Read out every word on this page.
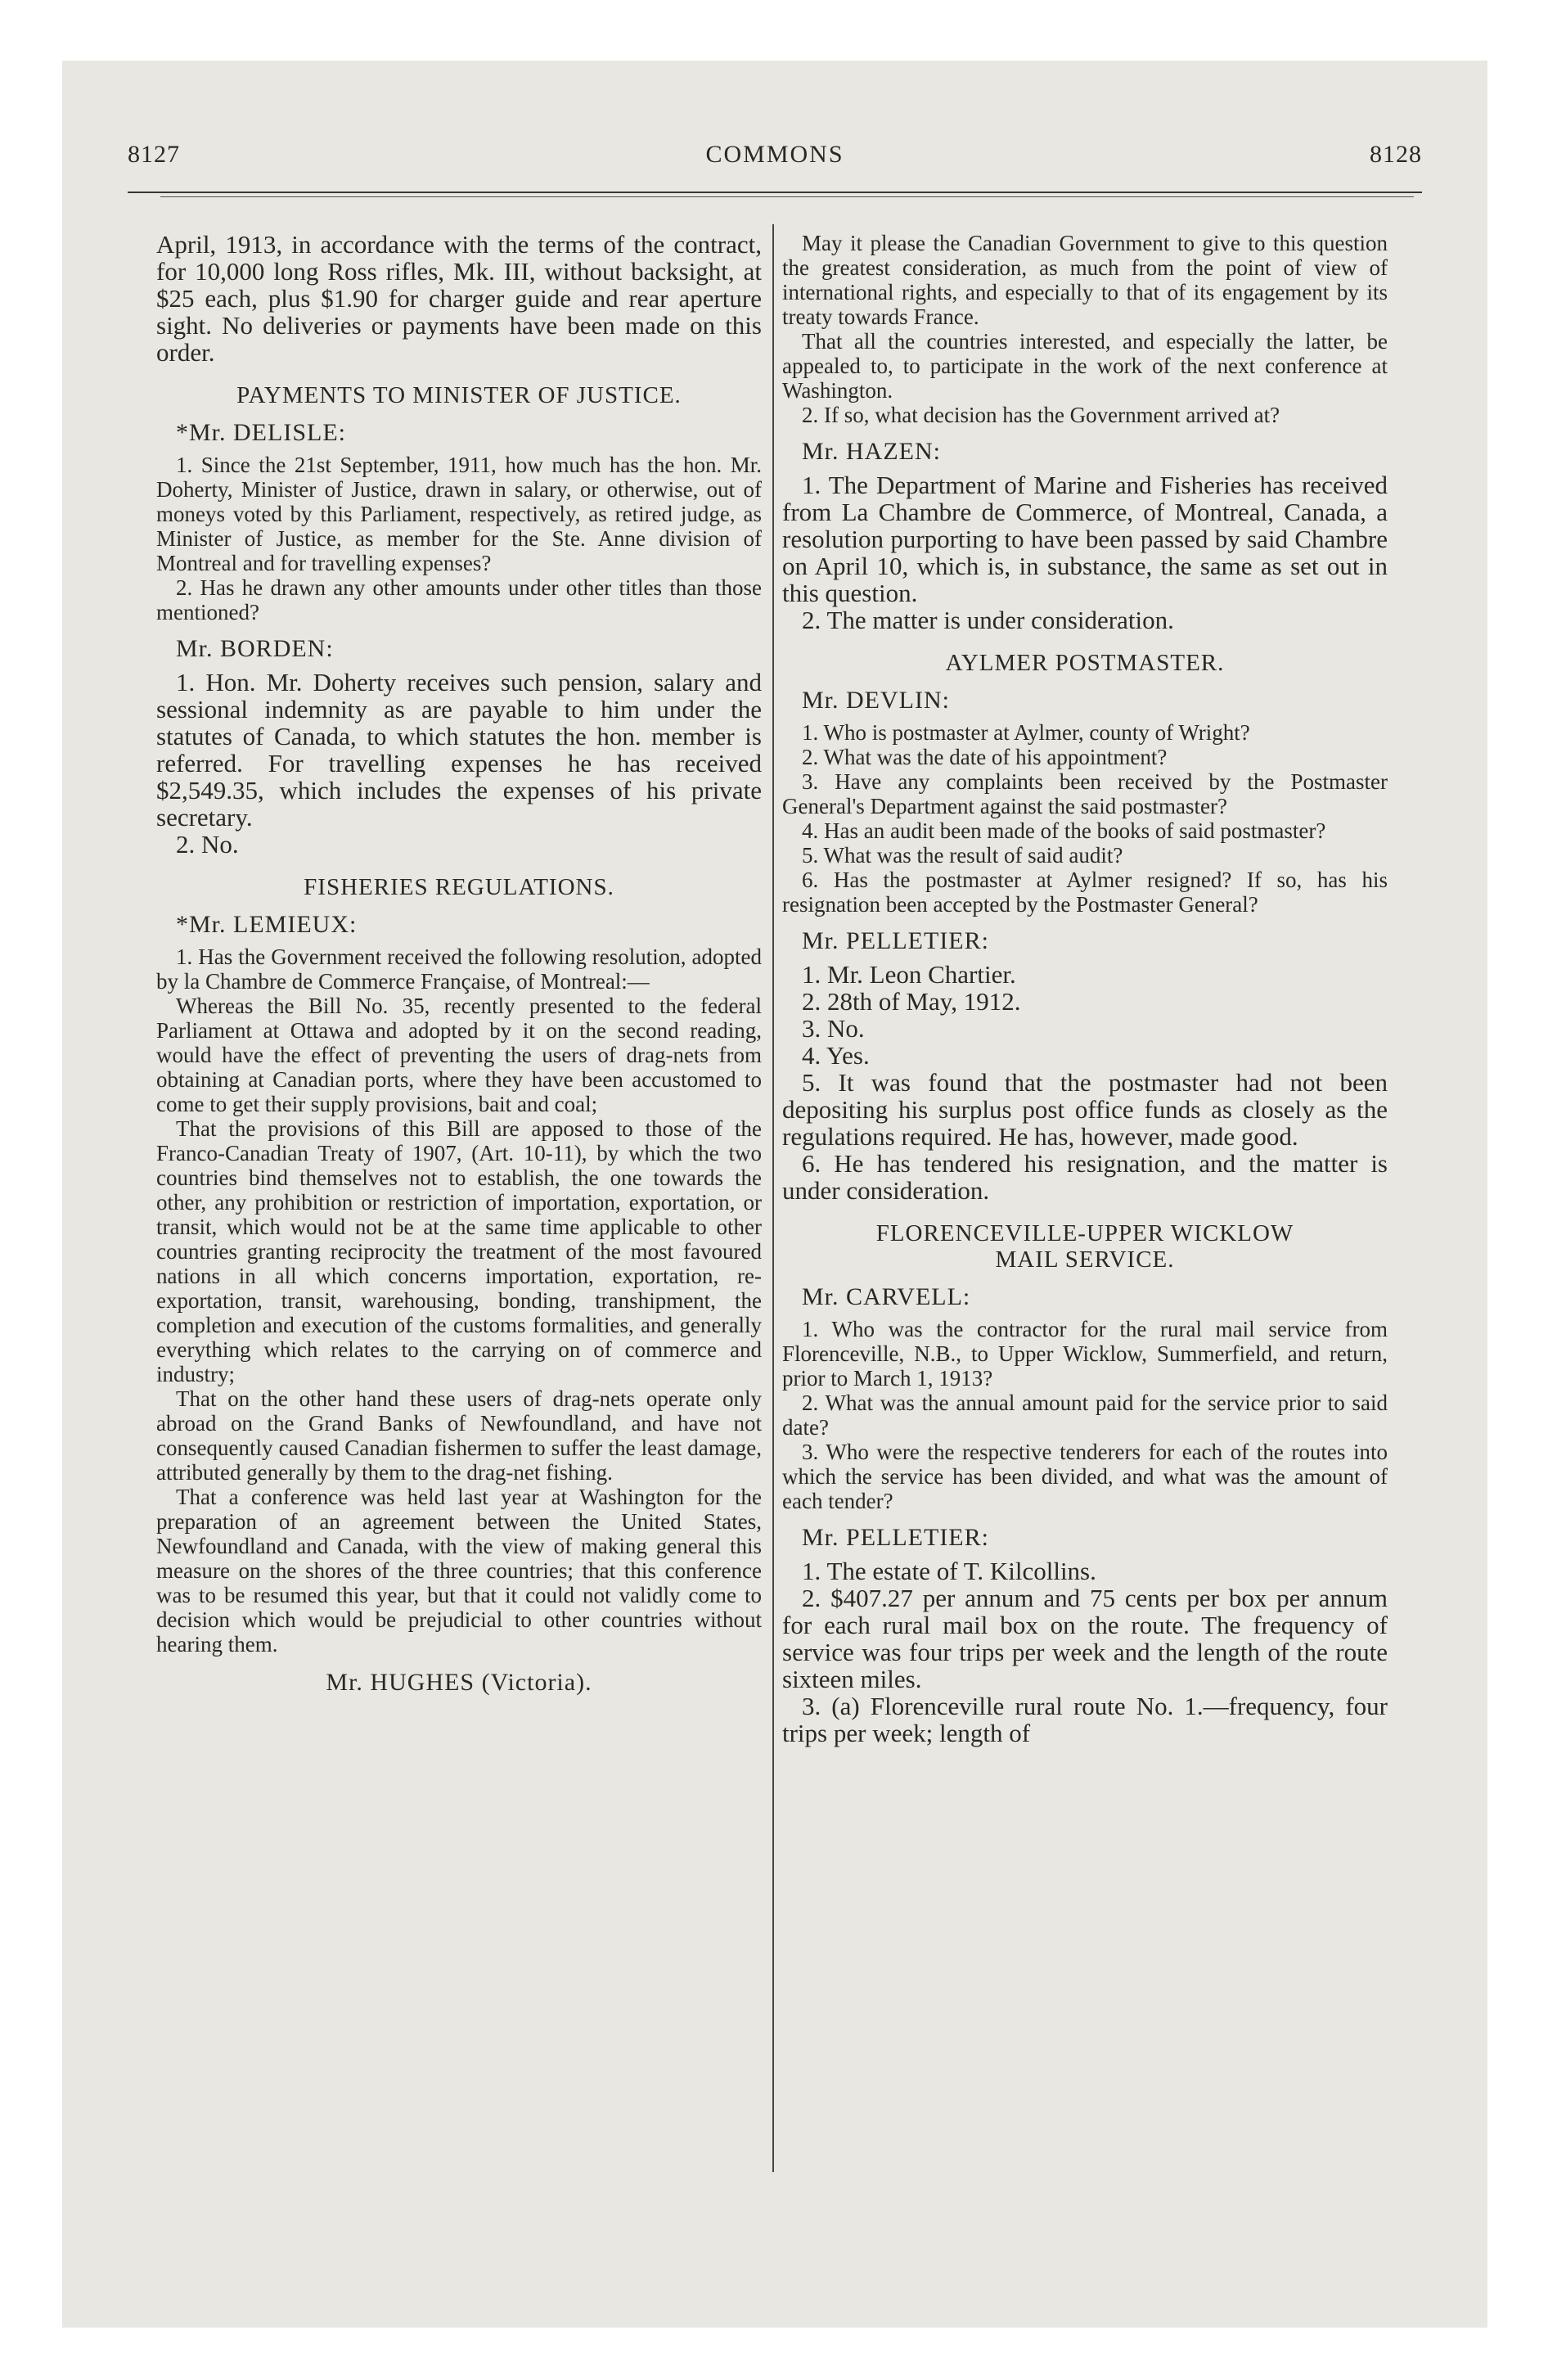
8127	COMMONS	8128

April, 1913, in accordance with the terms of the contract, for 10,000 long Ross rifles, Mk. III, without backsight, at $25 each, plus $1.90 for charger guide and rear aperture sight. No deliveries or payments have been made on this order.

PAYMENTS TO MINISTER OF JUSTICE.
*Mr. DELISLE:

1. Since the 21st September, 1911, how much has the hon. Mr. Doherty, Minister of Justice, drawn in salary, or otherwise, out of moneys voted by this Parliament, respectively, as retired judge, as Minister of Justice, as member for the Ste. Anne division of Montreal and for travelling expenses?

2. Has he drawn any other amounts under other titles than those mentioned?

Mr. BORDEN:

1. Hon. Mr. Doherty receives such pension, salary and sessional indemnity as are payable to him under the statutes of Canada, to which statutes the hon. member is referred. For travelling expenses he has received $2,549.35, which includes the expenses of his private secretary.

2. No.

FISHERIES REGULATIONS.
*Mr. LEMIEUX:

1. Has the Government received the following resolution, adopted by la Chambre de Commerce Française, of Montreal:—

Whereas the Bill No. 35, recently presented to the federal Parliament at Ottawa and adopted by it on the second reading, would have the effect of preventing the users of drag-nets from obtaining at Canadian ports, where they have been accustomed to come to get their supply provisions, bait and coal;

That the provisions of this Bill are apposed to those of the Franco-Canadian Treaty of 1907, (Art. 10-11), by which the two countries bind themselves not to establish, the one towards the other, any prohibition or restriction of importation, exportation, or transit, which would not be at the same time applicable to other countries granting reciprocity the treatment of the most favoured nations in all which concerns importation, exportation, re-exportation, transit, warehousing, bonding, transhipment, the completion and execution of the customs formalities, and generally everything which relates to the carrying on of commerce and industry;

That on the other hand these users of drag-nets operate only abroad on the Grand Banks of Newfoundland, and have not consequently caused Canadian fishermen to suffer the least damage, attributed generally by them to the drag-net fishing.

That a conference was held last year at Washington for the preparation of an agreement between the United States, Newfoundland and Canada, with the view of making general this measure on the shores of the three countries; that this conference was to be resumed this year, but that it could not validly come to decision which would be prejudicial to other countries without hearing them.

Mr. HUGHES (Victoria).

May it please the Canadian Government to give to this question the greatest consideration, as much from the point of view of international rights, and especially to that of its engagement by its treaty towards France.

That all the countries interested, and especially the latter, be appealed to, to participate in the work of the next conference at Washington.

2. If so, what decision has the Government arrived at?

Mr. HAZEN:

1. The Department of Marine and Fisheries has received from La Chambre de Commerce, of Montreal, Canada, a resolution purporting to have been passed by said Chambre on April 10, which is, in substance, the same as set out in this question.

2. The matter is under consideration.

AYLMER POSTMASTER.
Mr. DEVLIN:

1. Who is postmaster at Aylmer, county of Wright?

2. What was the date of his appointment?

3. Have any complaints been received by the Postmaster General's Department against the said postmaster?

4. Has an audit been made of the books of said postmaster?

5. What was the result of said audit?

6. Has the postmaster at Aylmer resigned? If so, has his resignation been accepted by the Postmaster General?

Mr. PELLETIER:

1. Mr. Leon Chartier.

2. 28th of May, 1912.

3. No.

4. Yes.

5. It was found that the postmaster had not been depositing his surplus post office funds as closely as the regulations required. He has, however, made good.

6. He has tendered his resignation, and the matter is under consideration.

FLORENCEVILLE-UPPER WICKLOW
MAIL SERVICE.
Mr. CARVELL:

1. Who was the contractor for the rural mail service from Florenceville, N.B., to Upper Wicklow, Summerfield, and return, prior to March 1, 1913?

2. What was the annual amount paid for the service prior to said date?

3. Who were the respective tenderers for each of the routes into which the service has been divided, and what was the amount of each tender?

Mr. PELLETIER:

1. The estate of T. Kilcollins.

2. $407.27 per annum and 75 cents per box per annum for each rural mail box on the route. The frequency of service was four trips per week and the length of the route sixteen miles.

3. (a) Florenceville rural route No. 1.—frequency, four trips per week; length of
